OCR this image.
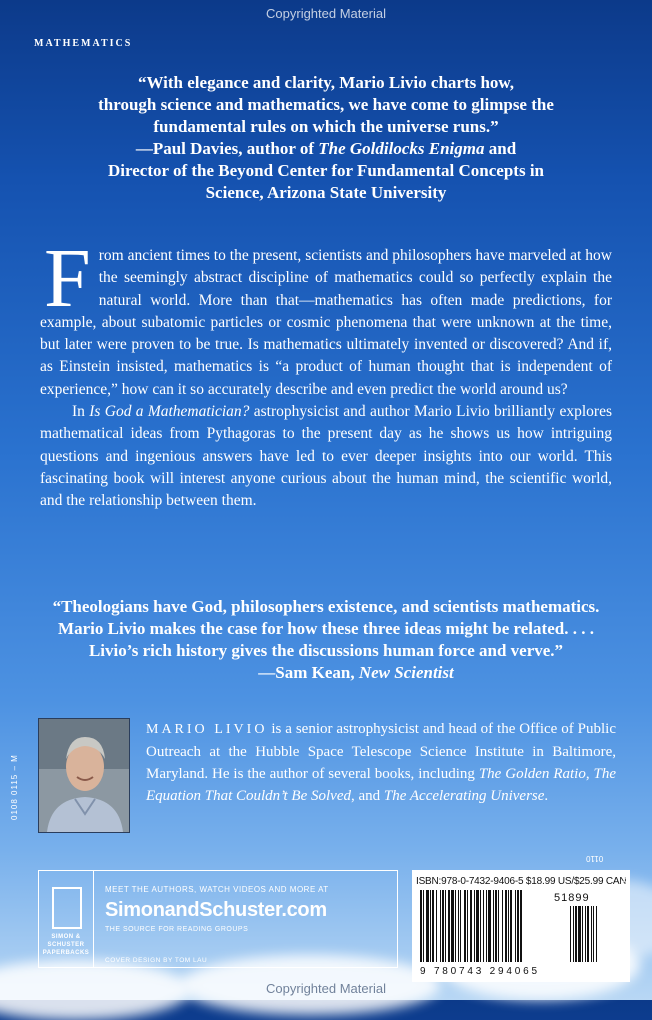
Copyrighted Material
Copyrighted Material
MATHEMATICS

“With elegance and clarity, Mario Livio charts how,

through science and mathematics, we have come to glimpse the

fundamental rules on which the universe runs.”

—Paul Davies, author of The Goldilocks Enigma and

Director of the Beyond Center for Fundamental Concepts in

Science, Arizona State University

From ancient times to the present, scientists and philosophers have marveled at how the seemingly abstract discipline of mathematics could so perfectly explain the natural world. More than that—mathematics has often made predictions, for example, about subatomic particles or cosmic phenomena that were unknown at the time, but later were proven to be true. Is mathematics ultimately invented or discovered? And if, as Einstein insisted, mathematics is “a product of human thought that is independent of experience,” how can it so accurately describe and even predict the world around us?

In Is God a Mathematician? astrophysicist and author Mario Livio brilliantly explores mathematical ideas from Pythagoras to the present day as he shows us how intriguing questions and ingenious answers have led to ever deeper insights into our world. This fascinating book will interest anyone curious about the human mind, the scientific world, and the relationship between them.

“Theologians have God, philosophers existence, and scientists mathematics.

Mario Livio makes the case for how these three ideas might be related. . . .

Livio’s rich history gives the discussions human force and verve.”

—Sam Kean, New Scientist

MARIO LIVIO is a senior astrophysicist and head of the Office of Public Outreach at the Hubble Space Telescope Science Institute in Baltimore, Maryland. He is the author of several books, including The Golden Ratio, The Equation That Couldn’t Be Solved, and The Accelerating Universe.
0108 0115 – M
SIMON & SCHUSTER PAPERBACKS
MEET THE AUTHORS, WATCH VIDEOS AND MORE AT
SimonandSchuster.com
THE SOURCE FOR READING GROUPS
COVER DESIGN BY TOM LAU
0110
ISBN:978-0-7432-9406-5 $18.99 US/$25.99 CAN
51899
9 780743 294065
PRINTED IN THE U.S.A.
